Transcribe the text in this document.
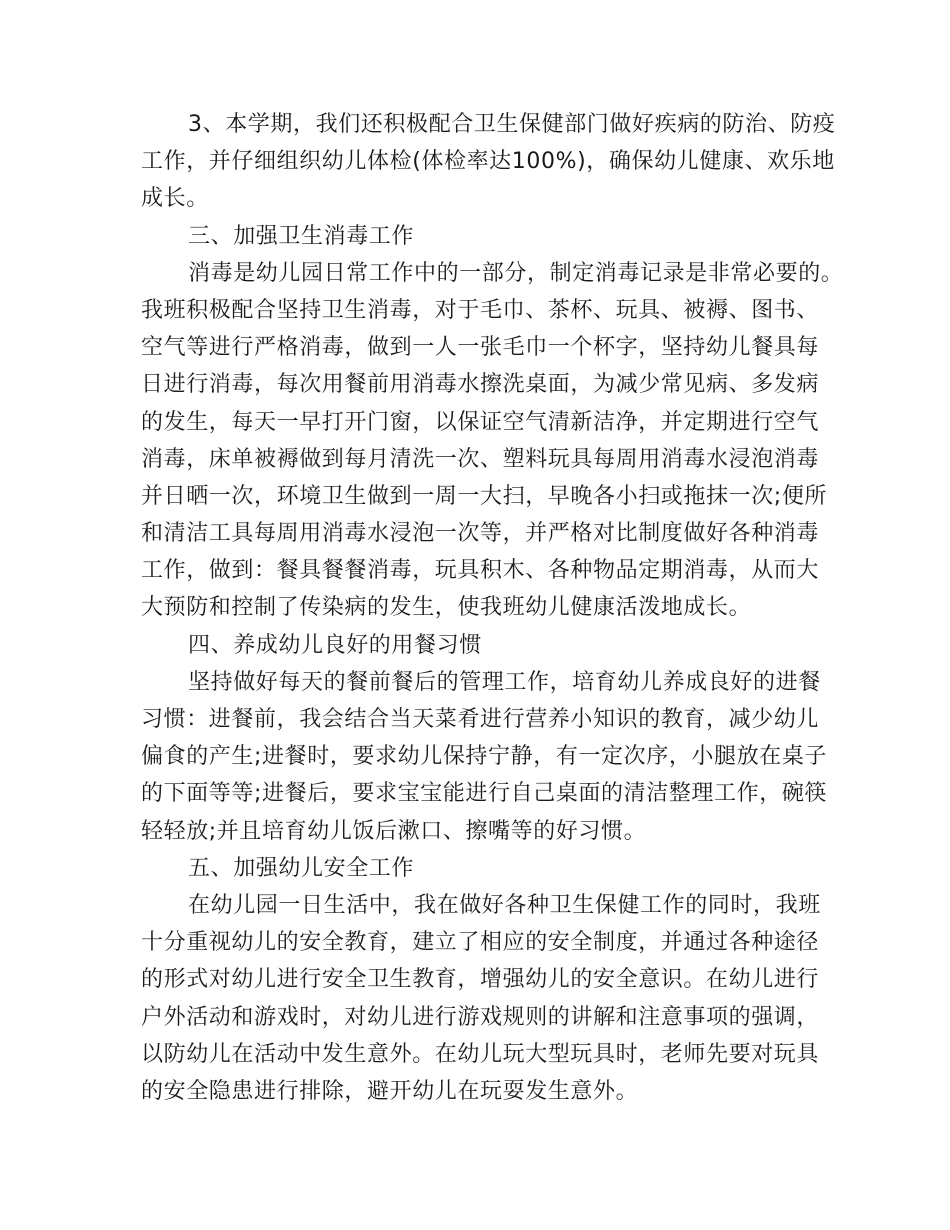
3、本学期，我们还积极配合卫生保健部门做好疾病的防治、防疫
工作，并仔细组织幼儿体检(体检率达100%)，确保幼儿健康、欢乐地
成长。
三、加强卫生消毒工作
消毒是幼儿园日常工作中的一部分，制定消毒记录是非常必要的。
我班积极配合坚持卫生消毒，对于毛巾、茶杯、玩具、被褥、图书、
空气等进行严格消毒，做到一人一张毛巾一个杯字，坚持幼儿餐具每
日进行消毒，每次用餐前用消毒水擦洗桌面，为减少常见病、多发病
的发生，每天一早打开门窗，以保证空气清新洁净，并定期进行空气
消毒，床单被褥做到每月清洗一次、塑料玩具每周用消毒水浸泡消毒
并日晒一次，环境卫生做到一周一大扫，早晚各小扫或拖抹一次;便所
和清洁工具每周用消毒水浸泡一次等，并严格对比制度做好各种消毒
工作，做到：餐具餐餐消毒，玩具积木、各种物品定期消毒，从而大
大预防和控制了传染病的发生，使我班幼儿健康活泼地成长。
四、养成幼儿良好的用餐习惯
坚持做好每天的餐前餐后的管理工作，培育幼儿养成良好的进餐
习惯：进餐前，我会结合当天菜肴进行营养小知识的教育，减少幼儿
偏食的产生;进餐时，要求幼儿保持宁静，有一定次序，小腿放在桌子
的下面等等;进餐后，要求宝宝能进行自己桌面的清洁整理工作，碗筷
轻轻放;并且培育幼儿饭后漱口、擦嘴等的好习惯。
五、加强幼儿安全工作
在幼儿园一日生活中，我在做好各种卫生保健工作的同时，我班
十分重视幼儿的安全教育，建立了相应的安全制度，并通过各种途径
的形式对幼儿进行安全卫生教育，增强幼儿的安全意识。在幼儿进行
户外活动和游戏时，对幼儿进行游戏规则的讲解和注意事项的强调，
以防幼儿在活动中发生意外。在幼儿玩大型玩具时，老师先要对玩具
的安全隐患进行排除，避开幼儿在玩耍发生意外。
